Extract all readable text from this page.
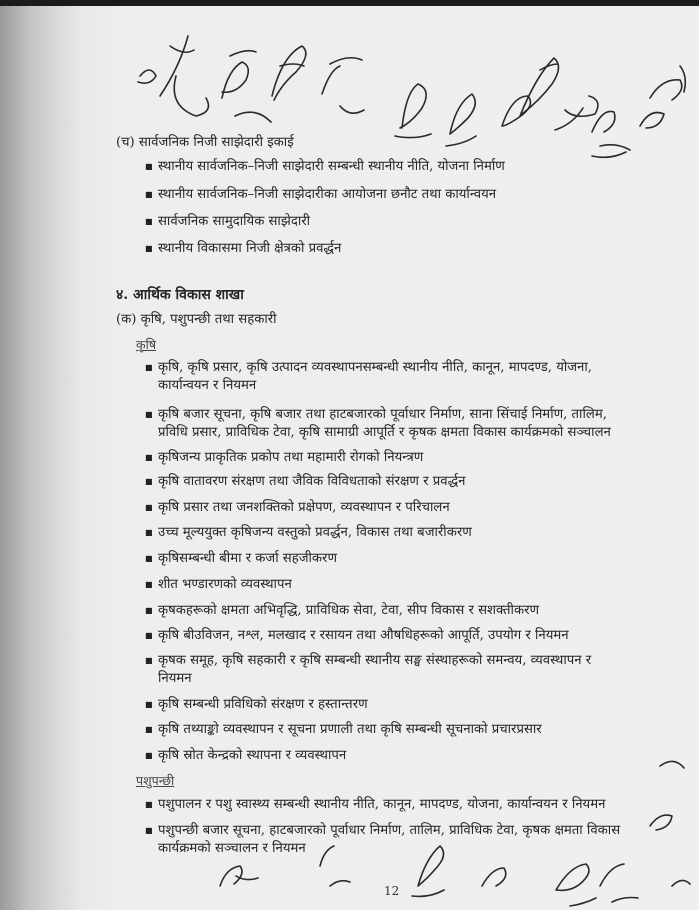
(च) सार्वजनिक निजी साझेदारी इकाई
■ स्थानीय सार्वजनिक–निजी साझेदारी सम्बन्धी स्थानीय नीति, योजना निर्माण
■ स्थानीय सार्वजनिक–निजी साझेदारीका आयोजना छनौट तथा कार्यान्वयन
■ सार्वजनिक सामुदायिक साझेदारी
■ स्थानीय विकासमा निजी क्षेत्रको प्रवर्द्धन
४. आर्थिक विकास शाखा
(क) कृषि, पशुपन्छी तथा सहकारी
कृषि
■ कृषि, कृषि प्रसार, कृषि उत्पादन व्यवस्थापनसम्बन्धी स्थानीय नीति, कानून, मापदण्ड, योजना,
कार्यान्वयन र नियमन
■ कृषि बजार सूचना, कृषि बजार तथा हाटबजारको पूर्वाधार निर्माण, साना सिंचाई निर्माण, तालिम,
प्रविधि प्रसार, प्राविधिक टेवा, कृषि सामाग्री आपूर्ति र कृषक क्षमता विकास कार्यक्रमको सञ्चालन
■ कृषिजन्य प्राकृतिक प्रकोप तथा महामारी रोगको नियन्त्रण
■ कृषि वातावरण संरक्षण तथा जैविक विविधताको संरक्षण र प्रवर्द्धन
■ कृषि प्रसार तथा जनशक्तिको प्रक्षेपण, व्यवस्थापन र परिचालन
■ उच्च मूल्ययुक्त कृषिजन्य वस्तुको प्रवर्द्धन, विकास तथा बजारीकरण
■ कृषिसम्बन्धी बीमा र कर्जा सहजीकरण
■ शीत भण्डारणको व्यवस्थापन
■ कृषकहरूको क्षमता अभिवृद्धि, प्राविधिक सेवा, टेवा, सीप विकास र सशक्तीकरण
■ कृषि बीउविजन, नश्ल, मलखाद र रसायन तथा औषधिहरूको आपूर्ति, उपयोग र नियमन
■ कृषक समूह, कृषि सहकारी र कृषि सम्बन्धी स्थानीय सङ्घ संस्थाहरूको समन्वय, व्यवस्थापन र
नियमन
■ कृषि सम्बन्धी प्रविधिको संरक्षण र हस्तान्तरण
■ कृषि तथ्याङ्को व्यवस्थापन र सूचना प्रणाली तथा कृषि सम्बन्धी सूचनाको प्रचारप्रसार
■ कृषि स्रोत केन्द्रको स्थापना र व्यवस्थापन
पशुपन्छी
■ पशुपालन र पशु स्वास्थ्य सम्बन्धी स्थानीय नीति, कानून, मापदण्ड, योजना, कार्यान्वयन र नियमन
■ पशुपन्छी बजार सूचना, हाटबजारको पूर्वाधार निर्माण, तालिम, प्राविधिक टेवा, कृषक क्षमता विकास
कार्यक्रमको सञ्चालन र नियमन
12
